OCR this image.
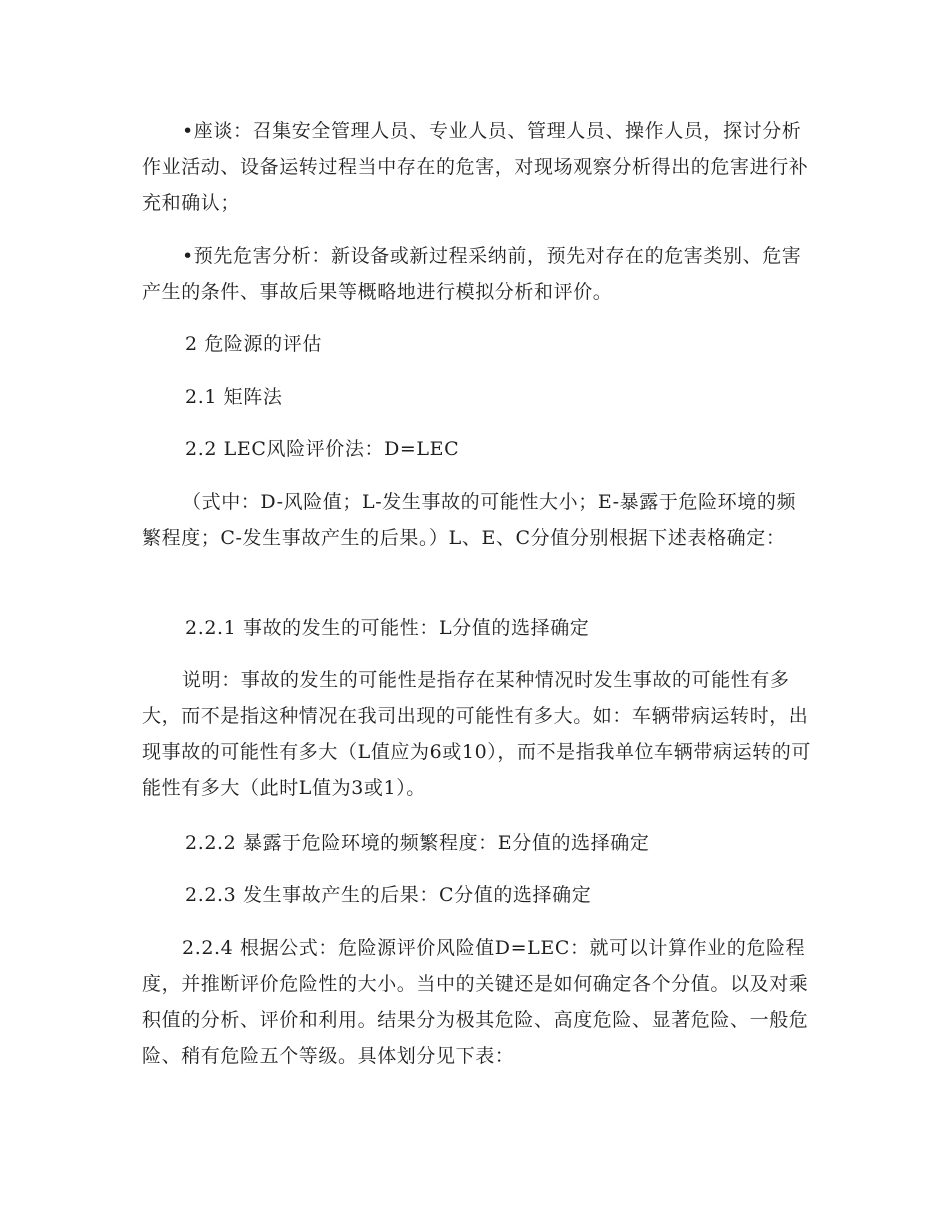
•座谈：召集安全管理人员、专业人员、管理人员、操作人员，探讨分析作业活动、设备运转过程当中存在的危害，对现场观察分析得出的危害进行补充和确认；

•预先危害分析：新设备或新过程采纳前，预先对存在的危害类别、危害产生的条件、事故后果等概略地进行模拟分析和评价。

2 危险源的评估

2.1 矩阵法

2.2 LEC风险评价法：D=LEC

（式中：D-风险值；L-发生事故的可能性大小；E-暴露于危险环境的频繁程度；C-发生事故产生的后果。）L、E、C分值分别根据下述表格确定：

2.2.1 事故的发生的可能性：L分值的选择确定

说明：事故的发生的可能性是指存在某种情况时发生事故的可能性有多大，而不是指这种情况在我司出现的可能性有多大。如：车辆带病运转时，出现事故的可能性有多大（L值应为6或10），而不是指我单位车辆带病运转的可能性有多大（此时L值为3或1）。

2.2.2 暴露于危险环境的频繁程度：E分值的选择确定

2.2.3 发生事故产生的后果：C分值的选择确定

2.2.4 根据公式：危险源评价风险值D=LEC：就可以计算作业的危险程度，并推断评价危险性的大小。当中的关键还是如何确定各个分值。以及对乘积值的分析、评价和利用。结果分为极其危险、高度危险、显著危险、一般危险、稍有危险五个等级。具体划分见下表：
